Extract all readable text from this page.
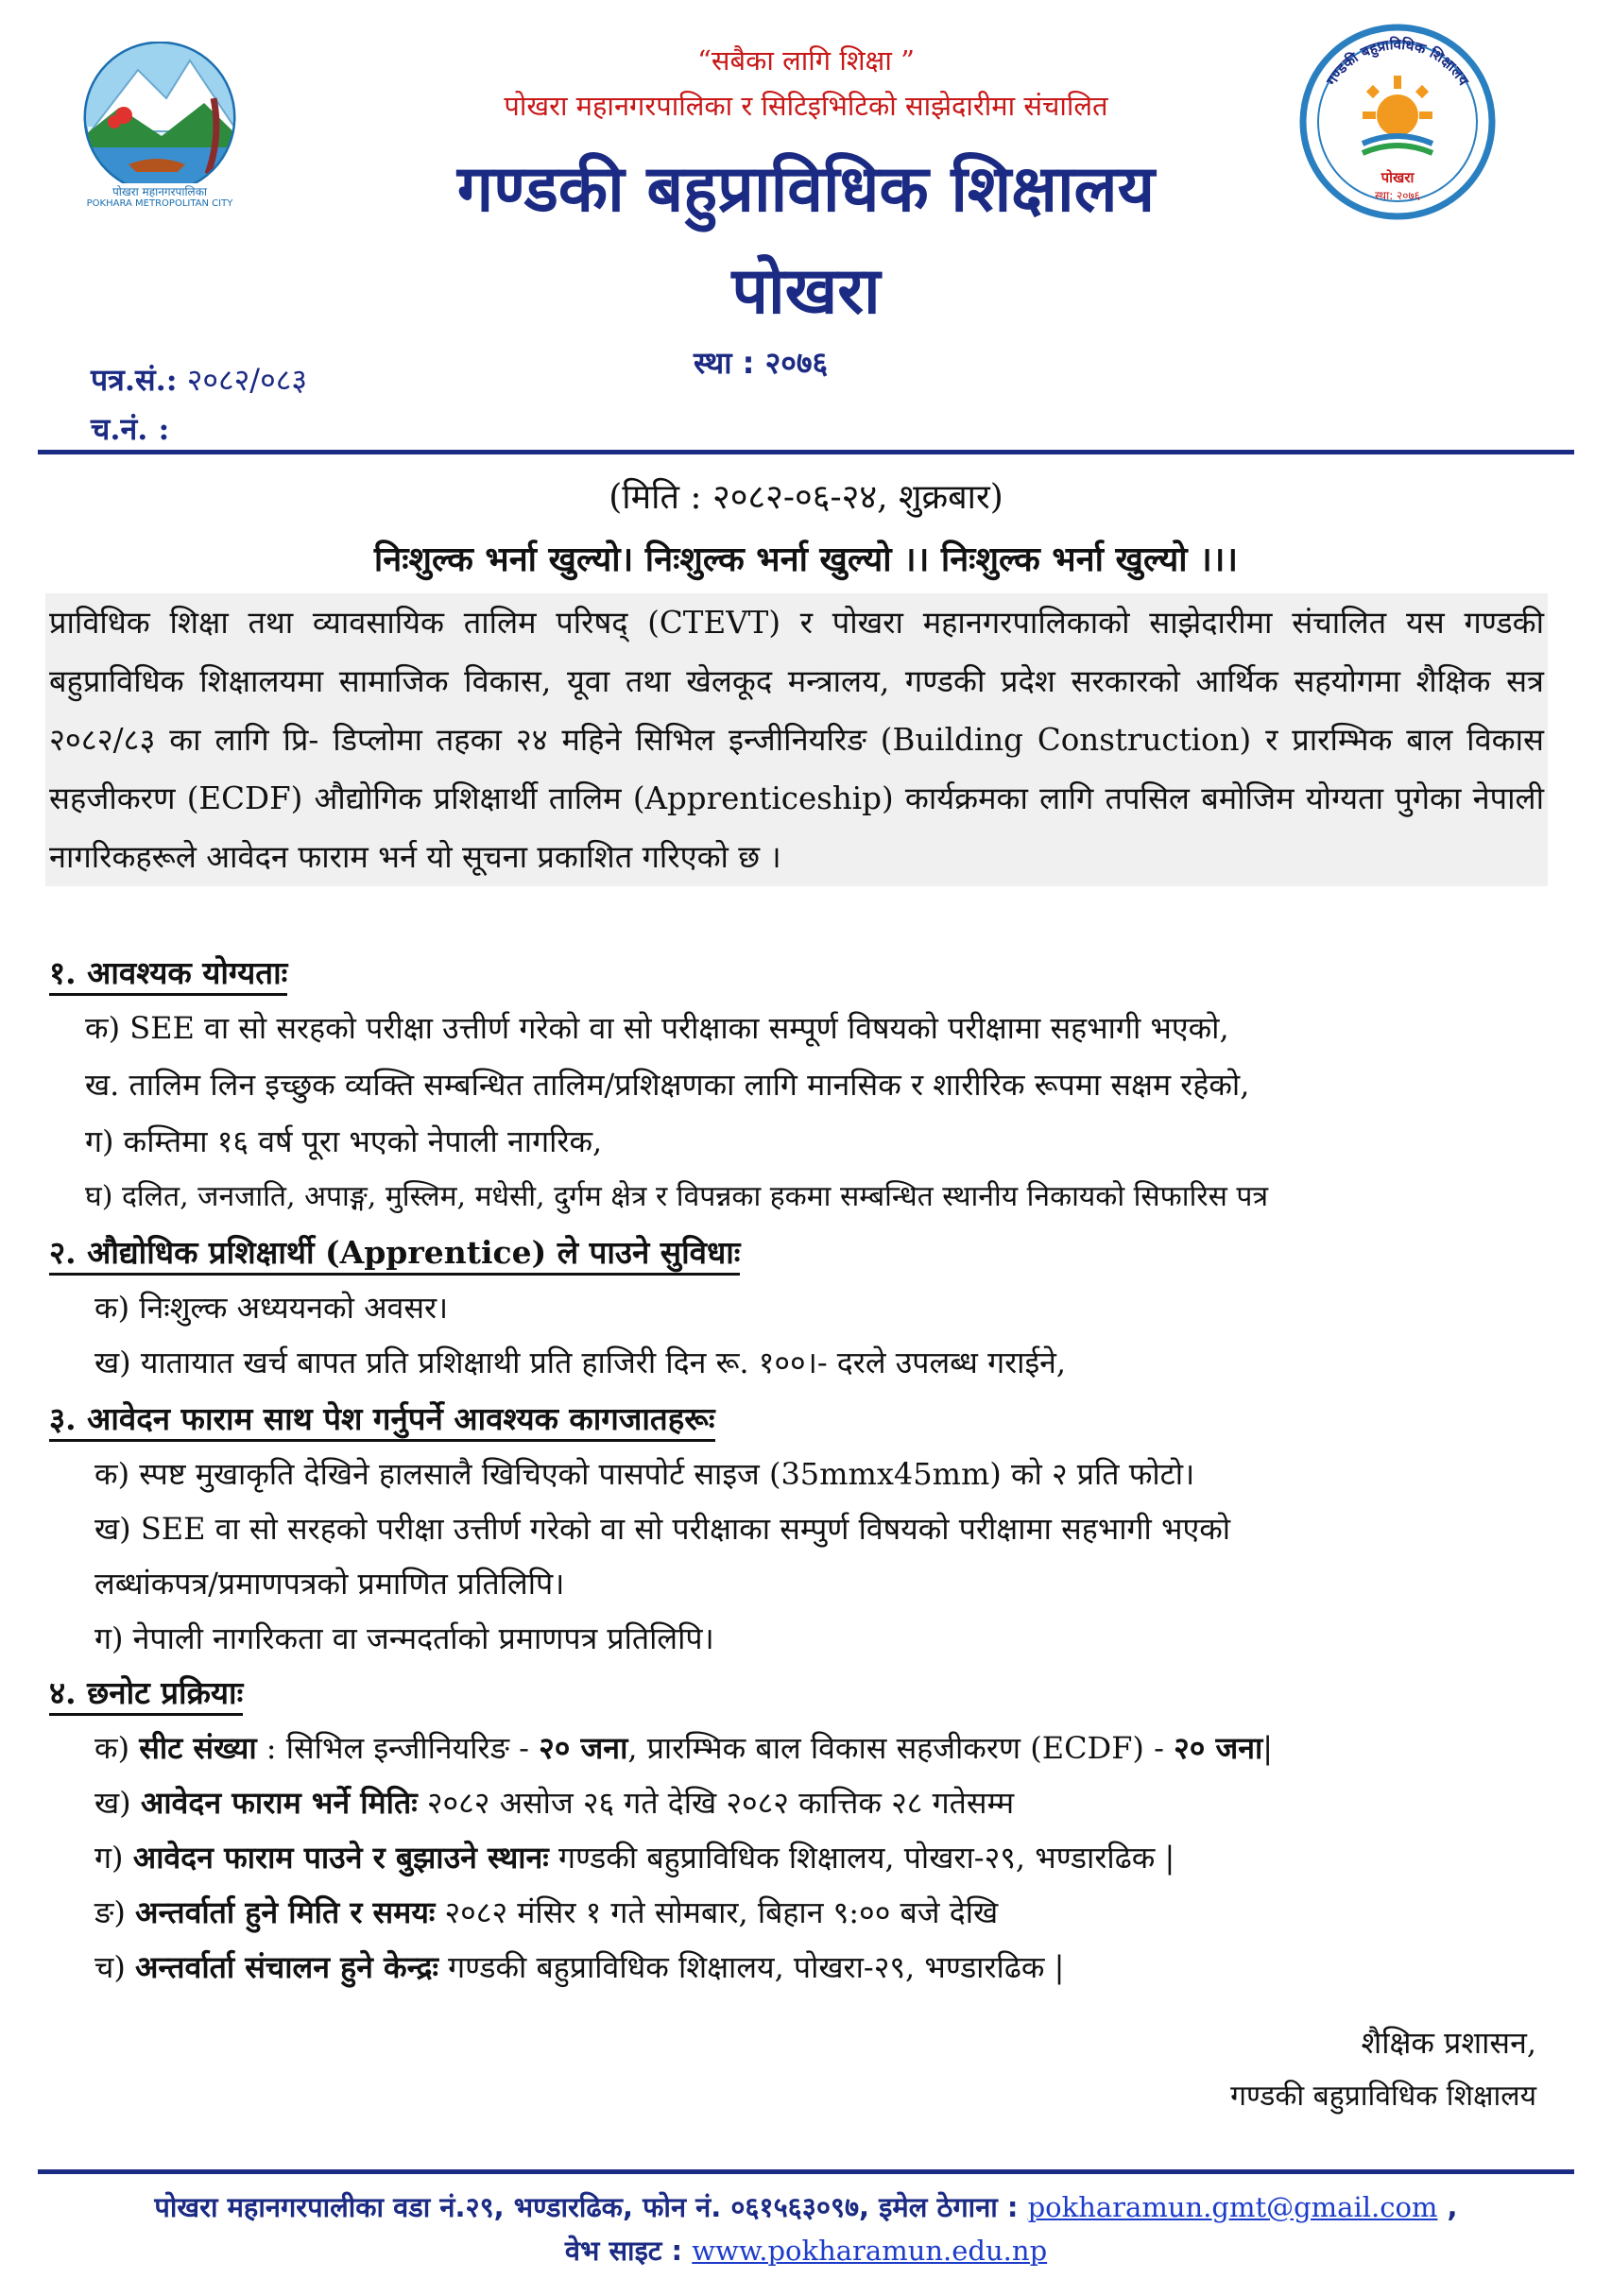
पोखरा महानगरपालिका
POKHARA METROPOLITAN CITY
गण्डकी बहुप्राविधिक शिक्षालय
पोखरा
स्था: २०७६
“सबैका लागि शिक्षा ”
पोखरा महानगरपालिका र सिटिइभिटिको साझेदारीमा संचालित
गण्डकी बहुप्राविधिक शिक्षालय
पोखरा
स्था : २०७६
पत्र.सं.: २०८२/०८३
च.नं. :
(मिति : २०८२-०६-२४, शुक्रबार)
निःशुल्क भर्ना खुल्यो। निःशुल्क भर्ना खुल्यो ।। निःशुल्क भर्ना खुल्यो ।।।

प्राविधिक शिक्षा तथा व्यावसायिक तालिम परिषद् (CTEVT) र पोखरा महानगरपालिकाको साझेदारीमा संचालित यस गण्डकी बहुप्राविधिक शिक्षालयमा सामाजिक विकास, यूवा तथा खेलकूद मन्त्रालय, गण्डकी प्रदेश सरकारको आर्थिक सहयोगमा शैक्षिक सत्र २०८२/८३ का लागि प्रि- डिप्लोमा तहका २४ महिने सिभिल इन्जीनियरिङ (Building Construction) र प्रारम्भिक बाल विकास सहजीकरण (ECDF) औद्योगिक प्रशिक्षार्थी तालिम (Apprenticeship) कार्यक्रमका लागि तपसिल बमोजिम योग्यता पुगेका नेपाली नागरिकहरूले आवेदन फाराम भर्न यो सूचना प्रकाशित गरिएको छ ।

१. आवश्यक योग्यताः
क) SEE वा सो सरहको परीक्षा उत्तीर्ण गरेको वा सो परीक्षाका सम्पूर्ण विषयको परीक्षामा सहभागी भएको,
ख. तालिम लिन इच्छुक व्यक्ति सम्बन्धित तालिम/प्रशिक्षणका लागि मानसिक र शारीरिक रूपमा सक्षम रहेको,
ग) कम्तिमा १६ वर्ष पूरा भएको नेपाली नागरिक,
घ) दलित, जनजाति, अपाङ्ग, मुस्लिम, मधेसी, दुर्गम क्षेत्र र विपन्नका हकमा सम्बन्धित स्थानीय निकायको सिफारिस पत्र
२. औद्योधिक प्रशिक्षार्थी (Apprentice) ले पाउने सुविधाः
क) निःशुल्क अध्ययनको अवसर।
ख) यातायात खर्च बापत प्रति प्रशिक्षाथी प्रति हाजिरी दिन रू. १००।- दरले उपलब्ध गराईने,
३. आवेदन फाराम साथ पेश गर्नुपर्ने आवश्यक कागजातहरूः
क) स्पष्ट मुखाकृति देखिने हालसालै खिचिएको पासपोर्ट साइज (35mmx45mm) को २ प्रति फोटो।
ख) SEE वा सो सरहको परीक्षा उत्तीर्ण गरेको वा सो परीक्षाका सम्पुर्ण विषयको परीक्षामा सहभागी भएको
लब्धांकपत्र/प्रमाणपत्रको प्रमाणित प्रतिलिपि।
ग) नेपाली नागरिकता वा जन्मदर्ताको प्रमाणपत्र प्रतिलिपि।
४. छनोट प्रक्रियाः
क) सीट संख्या : सिभिल इन्जीनियरिङ - २० जना, प्रारम्भिक बाल विकास सहजीकरण (ECDF) - २० जना|
ख) आवेदन फाराम भर्ने मितिः २०८२ असोज २६ गते देखि २०८२ कात्तिक २८ गतेसम्म
ग) आवेदन फाराम पाउने र बुझाउने स्थानः गण्डकी बहुप्राविधिक शिक्षालय, पोखरा-२९, भण्डारढिक |
ङ) अन्तर्वार्ता हुने मिति र समयः २०८२ मंसिर १ गते सोमबार, बिहान ९:०० बजे देखि
च) अन्तर्वार्ता संचालन हुने केन्द्रः गण्डकी बहुप्राविधिक शिक्षालय, पोखरा-२९, भण्डारढिक |
शैक्षिक प्रशासन,
गण्डकी बहुप्राविधिक शिक्षालय
पोखरा महानगरपालीका वडा नं.२९, भण्डारढिक, फोन नं. ०६१५६३०९७, इमेल ठेगाना : pokharamun.gmt@gmail.com ,
वेभ साइट : www.pokharamun.edu.np
